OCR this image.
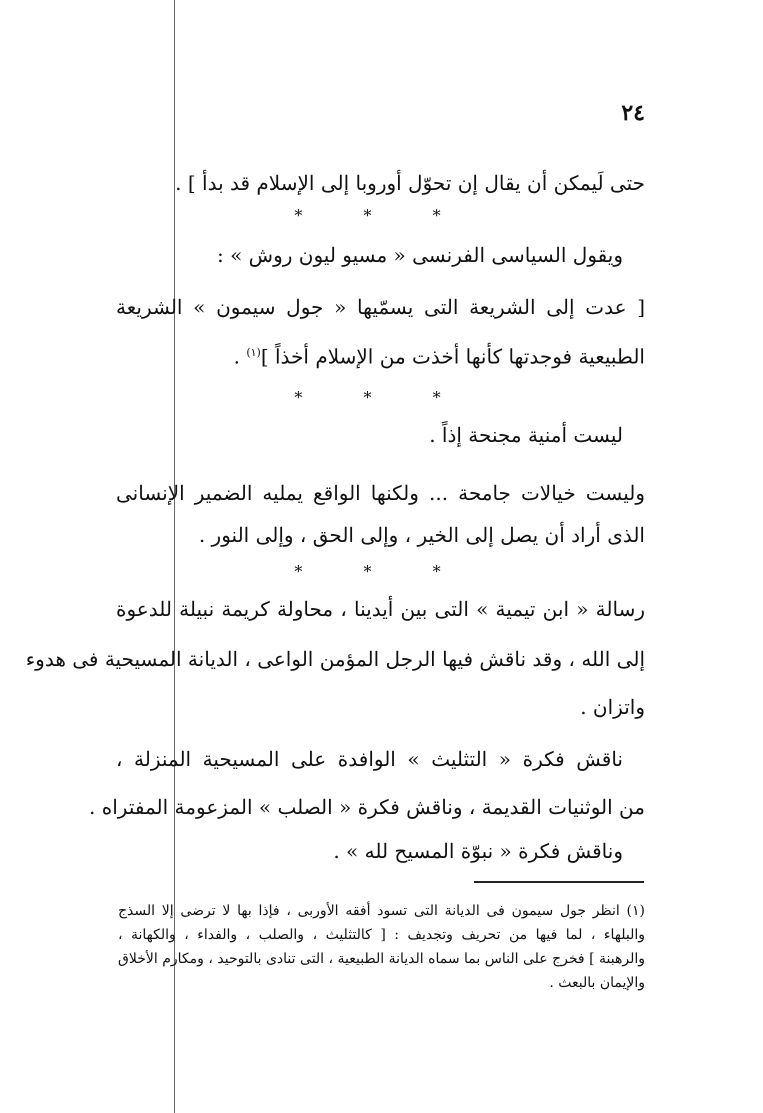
٢٤
حتى لَيمكن أن يقال إن تحوّل أوروبا إلى الإسلام قد بدأ ] .
* * *
ويقول السياسى الفرنسى « مسيو ليون روش » :
[ عدت إلى الشريعة التى يسمّيها « جول سيمون » الشريعة
الطبيعية فوجدتها كأنها أخذت من الإسلام أخذاً ]$^{(١)}$ .
* * *
ليست أمنية مجنحة إذاً .
وليست خيالات جامحة ... ولكنها الواقع يمليه الضمير الإنسانى
الذى أراد أن يصل إلى الخير ، وإلى الحق ، وإلى النور .
* * *
رسالة « ابن تيمية » التى بين أيدينا ، محاولة كريمة نبيلة للدعوة
إلى الله ، وقد ناقش فيها الرجل المؤمن الواعى ، الديانة المسيحية فى هدوء
واتزان .
ناقش فكرة « التثليث » الوافدة على المسيحية المنزلة ،
من الوثنيات القديمة ، وناقش فكرة « الصلب » المزعومة المفتراه .
وناقش فكرة « نبوّة المسيح لله » .
(١) انظر جول سيمون فى الديانة التى تسود أفقه الأوربى ، فإذا بها لا ترضى إلا السذج
والبلهاء ، لما فيها من تحريف وتجديف : [ كالتثليث ، والصلب ، والفداء ، والكهانة ،
والرهبنة ] فخرج على الناس بما سماه الديانة الطبيعية ، التى تنادى بالتوحيد ، ومكارم الأخلاق
والإيمان بالبعث .
